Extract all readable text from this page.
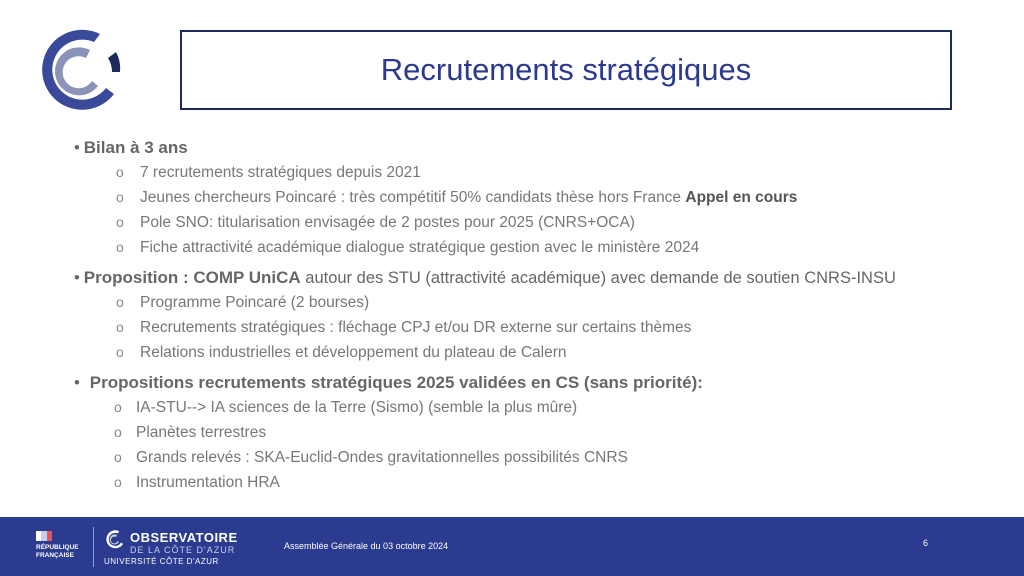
Recrutements stratégiques
• Bilan à 3 ans
o 7 recrutements stratégiques depuis 2021
o Jeunes chercheurs Poincaré : très compétitif 50% candidats thèse hors France Appel en cours
o Pole SNO: titularisation envisagée de 2 postes pour 2025 (CNRS+OCA)
o Fiche attractivité académique dialogue stratégique gestion avec le ministère 2024
• Proposition : COMP UniCA autour des STU (attractivité académique) avec demande de soutien CNRS-INSU
o Programme Poincaré (2 bourses)
o Recrutements stratégiques : fléchage CPJ et/ou DR externe sur certains thèmes
o Relations industrielles et développement du plateau de Calern
• Propositions recrutements stratégiques 2025 validées en CS (sans priorité):
o IA-STU--> IA sciences de la Terre (Sismo) (semble la plus mûre)
o Planètes terrestres
o Grands relevés : SKA-Euclid-Ondes gravitationnelles possibilités CNRS
o Instrumentation HRA
RÉPUBLIQUE
FRANÇAISE
OBSERVATOIRE
DE LA CÔTE D'AZUR
UNIVERSITÉ CÔTE D'AZUR
Assemblée Générale du 03 octobre 2024	6
